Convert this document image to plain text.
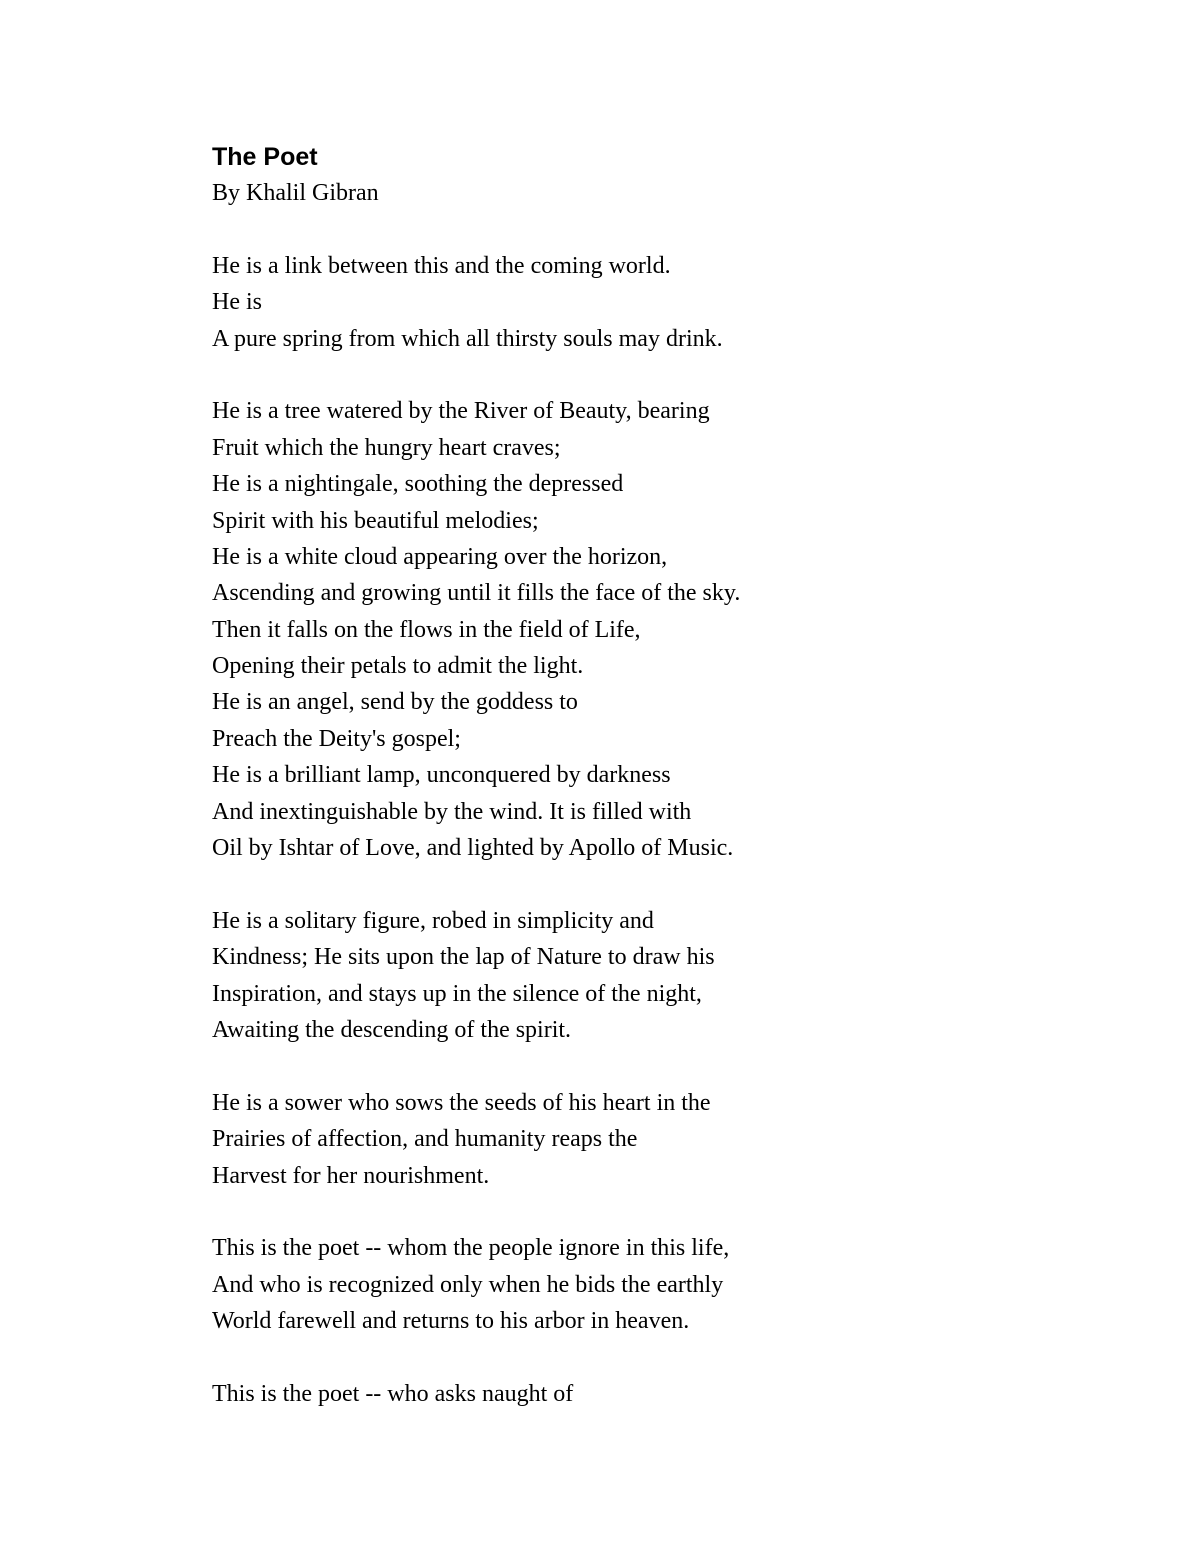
The Poet
By Khalil Gibran
He is a link between this and the coming world.
He is
A pure spring from which all thirsty souls may drink.
He is a tree watered by the River of Beauty, bearing
Fruit which the hungry heart craves;
He is a nightingale, soothing the depressed
Spirit with his beautiful melodies;
He is a white cloud appearing over the horizon,
Ascending and growing until it fills the face of the sky.
Then it falls on the flows in the field of Life,
Opening their petals to admit the light.
He is an angel, send by the goddess to
Preach the Deity's gospel;
He is a brilliant lamp, unconquered by darkness
And inextinguishable by the wind. It is filled with
Oil by Ishtar of Love, and lighted by Apollo of Music.
He is a solitary figure, robed in simplicity and
Kindness; He sits upon the lap of Nature to draw his
Inspiration, and stays up in the silence of the night,
Awaiting the descending of the spirit.
He is a sower who sows the seeds of his heart in the
Prairies of affection, and humanity reaps the
Harvest for her nourishment.
This is the poet -- whom the people ignore in this life,
And who is recognized only when he bids the earthly
World farewell and returns to his arbor in heaven.
This is the poet -- who asks naught of
